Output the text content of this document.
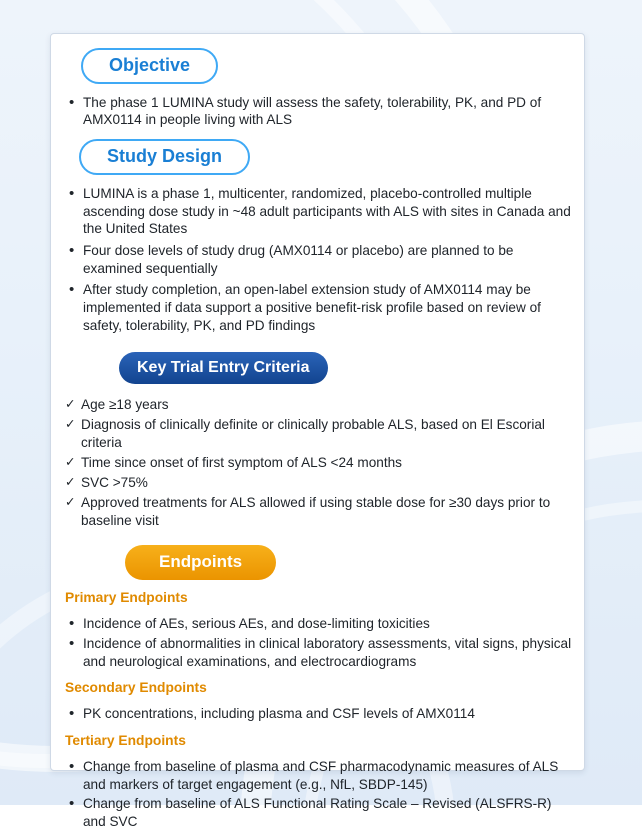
Objective
• The phase 1 LUMINA study will assess the safety, tolerability, PK, and PD of AMX0114 in people living with ALS
Study Design
• LUMINA is a phase 1, multicenter, randomized, placebo-controlled multiple ascending dose study in ~48 adult participants with ALS with sites in Canada and the United States
• Four dose levels of study drug (AMX0114 or placebo) are planned to be examined sequentially
• After study completion, an open-label extension study of AMX0114 may be implemented if data support a positive benefit-risk profile based on review of safety, tolerability, PK, and PD findings
Key Trial Entry Criteria
✓ Age ≥18 years
✓ Diagnosis of clinically definite or clinically probable ALS, based on El Escorial criteria
✓ Time since onset of first symptom of ALS <24 months
✓ SVC >75%
✓ Approved treatments for ALS allowed if using stable dose for ≥30 days prior to baseline visit
Endpoints
Primary Endpoints
• Incidence of AEs, serious AEs, and dose-limiting toxicities
• Incidence of abnormalities in clinical laboratory assessments, vital signs, physical and neurological examinations, and electrocardiograms
Secondary Endpoints
• PK concentrations, including plasma and CSF levels of AMX0114
Tertiary Endpoints
• Change from baseline of plasma and CSF pharmacodynamic measures of ALS and markers of target engagement (e.g., NfL, SBDP-145)
• Change from baseline of ALS Functional Rating Scale – Revised (ALSFRS-R) and SVC
